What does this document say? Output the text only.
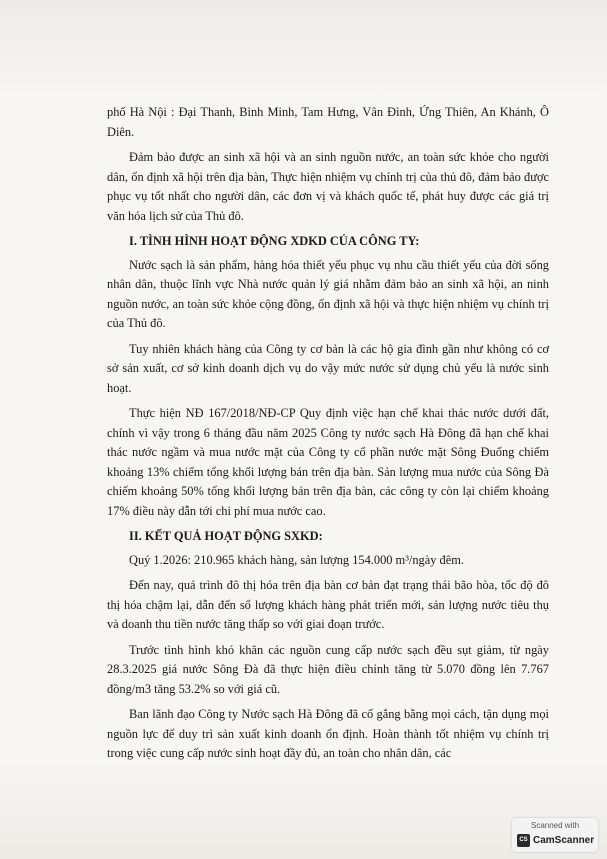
phố Hà Nội : Đại Thanh, Bình Minh, Tam Hưng, Vân Đình, Ứng Thiên, An Khánh, Ô Diên.

Đảm bảo được an sinh xã hội và an sinh nguồn nước, an toàn sức khỏe cho người dân, ổn định xã hội trên địa bàn, Thực hiện nhiệm vụ chính trị của thủ đô, đảm bảo được phục vụ tốt nhất cho người dân, các đơn vị và khách quốc tế, phát huy được các giá trị văn hóa lịch sử của Thủ đô.

I. TÌNH HÌNH HOẠT ĐỘNG XDKD CỦA CÔNG TY:

Nước sạch là sản phẩm, hàng hóa thiết yếu phục vụ nhu cầu thiết yếu của đời sống nhân dân, thuộc lĩnh vực Nhà nước quản lý giá nhằm đảm bảo an sinh xã hội, an ninh nguồn nước, an toàn sức khỏe cộng đồng, ổn định xã hội và thực hiện nhiệm vụ chính trị của Thủ đô.

Tuy nhiên khách hàng của Công ty cơ bản là các hộ gia đình gần như không có cơ sở sản xuất, cơ sở kinh doanh dịch vụ do vậy mức nước sử dụng chủ yếu là nước sinh hoạt.

Thực hiện NĐ 167/2018/NĐ-CP Quy định việc hạn chế khai thác nước dưới đất, chính vì vậy trong 6 tháng đầu năm 2025 Công ty nước sạch Hà Đông đã hạn chế khai thác nước ngầm và mua nước mặt của Công ty cổ phần nước mặt Sông Đuống chiếm khoảng 13% chiếm tổng khối lượng bán trên địa bàn. Sản lượng mua nước của Sông Đà chiếm khoảng 50% tổng khối lượng bán trên địa bàn, các công ty còn lại chiếm khoảng 17% điều này dẫn tới chi phí mua nước cao.

II. KẾT QUẢ HOẠT ĐỘNG SXKD:

Quý 1.2026: 210.965 khách hàng, sản lượng 154.000 m³/ngày đêm.

Đến nay, quá trình đô thị hóa trên địa bàn cơ bản đạt trạng thái bão hòa, tốc độ đô thị hóa chậm lại, dẫn đến số lượng khách hàng phát triển mới, sản lượng nước tiêu thụ và doanh thu tiền nước tăng thấp so với giai đoạn trước.

Trước tình hình khó khăn các nguồn cung cấp nước sạch đều sụt giảm, từ ngày 28.3.2025 giá nước Sông Đà đã thực hiện điều chỉnh tăng từ 5.070 đồng lên 7.767 đồng/m3 tăng 53.2% so với giá cũ.

Ban lãnh đạo Công ty Nước sạch Hà Đông đã cố gắng bằng mọi cách, tận dụng mọi nguồn lực để duy trì sản xuất kinh doanh ổn định. Hoàn thành tốt nhiệm vụ chính trị trong việc cung cấp nước sinh hoạt đầy đủ, an toàn cho nhân dân, các

Scanned with
CS CamScanner
